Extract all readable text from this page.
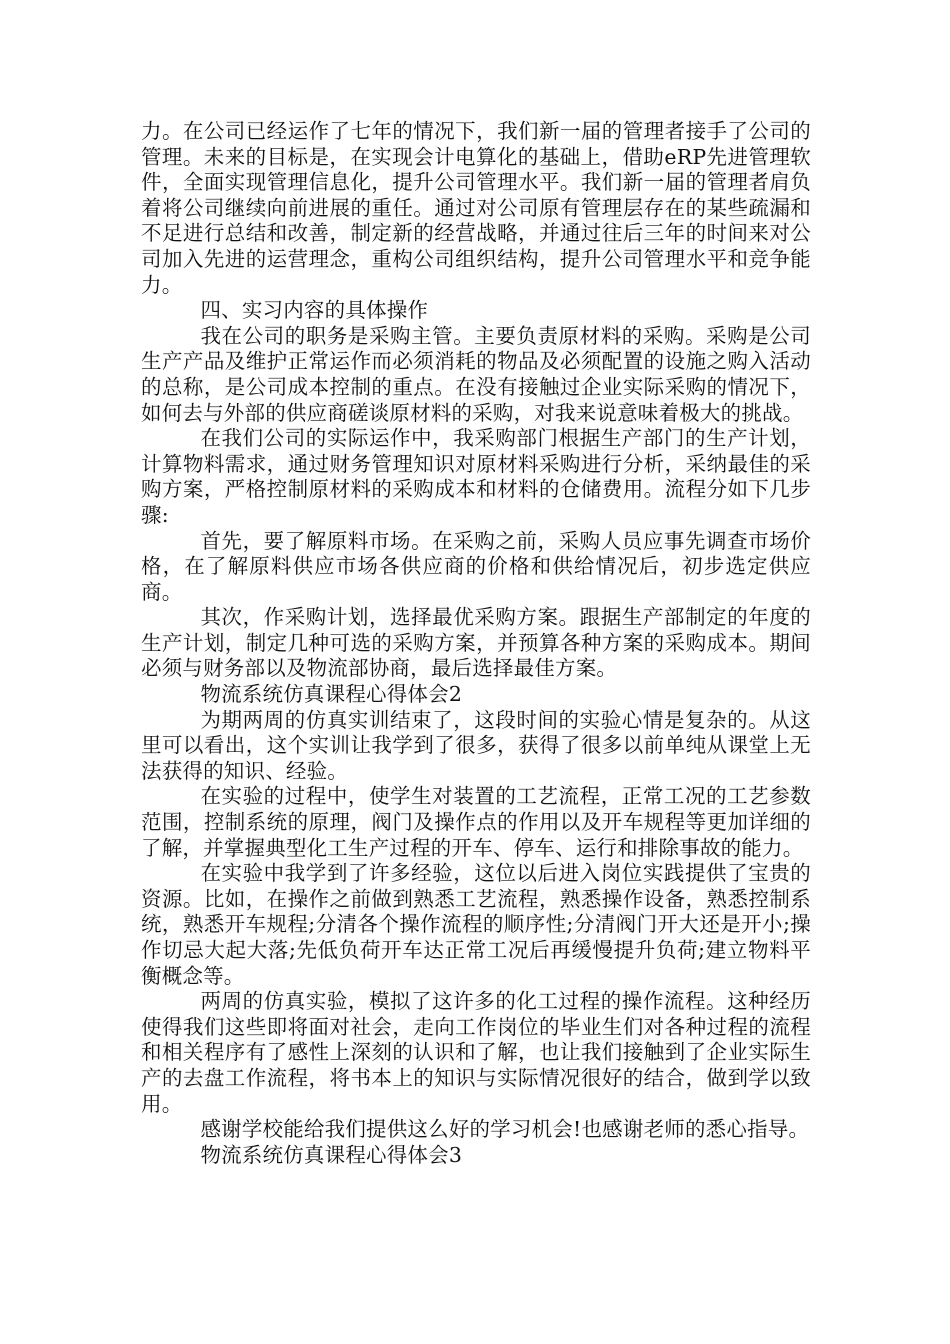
力。在公司已经运作了七年的情况下，我们新一届的管理者接手了公司的管理。未来的目标是，在实现会计电算化的基础上，借助eRP先进管理软件，全面实现管理信息化，提升公司管理水平。我们新一届的管理者肩负着将公司继续向前进展的重任。通过对公司原有管理层存在的某些疏漏和不足进行总结和改善，制定新的经营战略，并通过往后三年的时间来对公司加入先进的运营理念，重构公司组织结构，提升公司管理水平和竞争能力。

四、实习内容的具体操作

我在公司的职务是采购主管。主要负责原材料的采购。采购是公司生产产品及维护正常运作而必须消耗的物品及必须配置的设施之购入活动的总称，是公司成本控制的重点。在没有接触过企业实际采购的情况下，如何去与外部的供应商磋谈原材料的采购，对我来说意味着极大的挑战。

在我们公司的实际运作中，我采购部门根据生产部门的生产计划，计算物料需求，通过财务管理知识对原材料采购进行分析，采纳最佳的采购方案，严格控制原材料的采购成本和材料的仓储费用。流程分如下几步骤:

首先，要了解原料市场。在采购之前，采购人员应事先调查市场价格，在了解原料供应市场各供应商的价格和供给情况后，初步选定供应商。

其次，作采购计划，选择最优采购方案。跟据生产部制定的年度的生产计划，制定几种可选的采购方案，并预算各种方案的采购成本。期间必须与财务部以及物流部协商，最后选择最佳方案。

物流系统仿真课程心得体会2

为期两周的仿真实训结束了，这段时间的实验心情是复杂的。从这里可以看出，这个实训让我学到了很多，获得了很多以前单纯从课堂上无法获得的知识、经验。

在实验的过程中，使学生对装置的工艺流程，正常工况的工艺参数范围，控制系统的原理，阀门及操作点的作用以及开车规程等更加详细的了解，并掌握典型化工生产过程的开车、停车、运行和排除事故的能力。

在实验中我学到了许多经验，这位以后进入岗位实践提供了宝贵的资源。比如，在操作之前做到熟悉工艺流程，熟悉操作设备，熟悉控制系统，熟悉开车规程;分清各个操作流程的顺序性;分清阀门开大还是开小;操作切忌大起大落;先低负荷开车达正常工况后再缓慢提升负荷;建立物料平衡概念等。

两周的仿真实验，模拟了这许多的化工过程的操作流程。这种经历使得我们这些即将面对社会，走向工作岗位的毕业生们对各种过程的流程和相关程序有了感性上深刻的认识和了解，也让我们接触到了企业实际生产的去盘工作流程，将书本上的知识与实际情况很好的结合，做到学以致用。

感谢学校能给我们提供这么好的学习机会!也感谢老师的悉心指导。

物流系统仿真课程心得体会3
